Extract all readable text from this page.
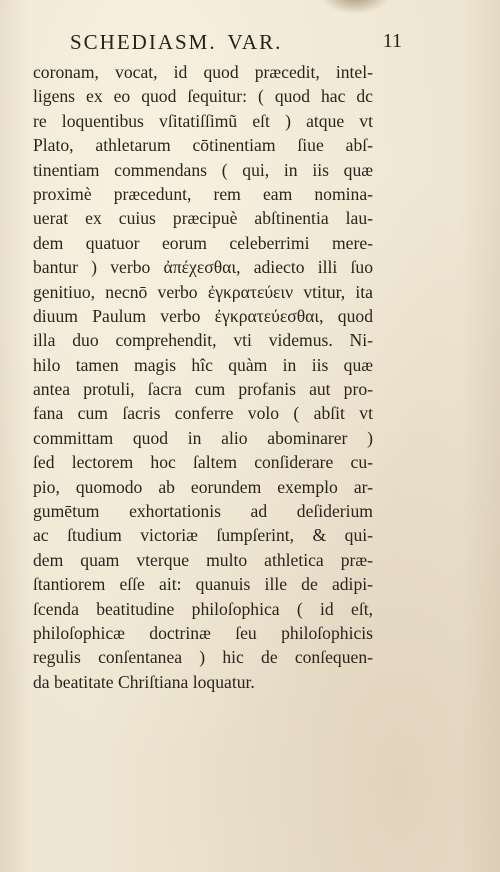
SCHEDIASM. VAR.	11
coronam, vocat, id quod præcedit, intel-
ligens ex eo quod ſequitur: ( quod hac dc
re loquentibus vſitatiſſimũ eſt ) atque vt
Plato, athletarum cōtinentiam ſiue abſ-
tinentiam commendans ( qui, in iis quæ
proximè præcedunt, rem eam nomina-
uerat ex cuius præcipuè abſtinentia lau-
dem quatuor eorum celeberrimi mere-
bantur ) verbo ἀπέχεσθαι, adiecto illi ſuo
genitiuo, necnō verbo ἐγκρατεύειν vtitur, ita
diuum Paulum verbo ἐγκρατεύεσθαι, quod
illa duo comprehendit, vti videmus. Ni-
hilo tamen magis hîc quàm in iis quæ
antea protuli, ſacra cum profanis aut pro-
fana cum ſacris conferre volo ( abſit vt
committam quod in alio abominarer )
ſed lectorem hoc ſaltem conſiderare cu-
pio, quomodo ab eorundem exemplo ar-
gumētum exhortationis ad deſiderium
ac ſtudium victoriæ ſumpſerint, & qui-
dem quam vterque multo athletica præ-
ſtantiorem eſſe ait: quanuis ille de adipi-
ſcenda beatitudine philoſophica ( id eſt,
philoſophicæ doctrinæ ſeu philoſophicis
regulis conſentanea ) hic de conſequen-
da beatitate Chriſtiana loquatur.
